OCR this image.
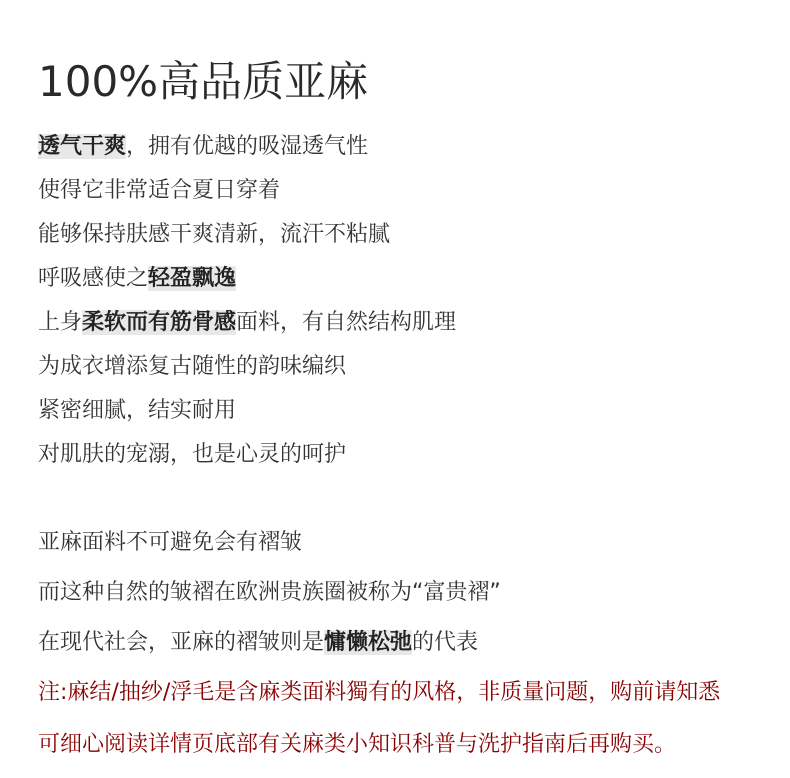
100%高品质亚麻
透气干爽，拥有优越的吸湿透气性
使得它非常适合夏日穿着
能够保持肤感干爽清新，流汗不粘腻
呼吸感使之轻盈飘逸
上身柔软而有筋骨感面料，有自然结构肌理
为成衣增添复古随性的韵味编织
紧密细腻，结实耐用
对肌肤的宠溺，也是心灵的呵护
亚麻面料不可避免会有褶皱
而这种自然的皱褶在欧洲贵族圈被称为“富贵褶”
在现代社会，亚麻的褶皱则是慵懒松弛的代表
注:麻结/抽纱/浮毛是含麻类面料獨有的风格，非质量问题，购前请知悉
可细心阅读详情页底部有关麻类小知识科普与洗护指南后再购买。
